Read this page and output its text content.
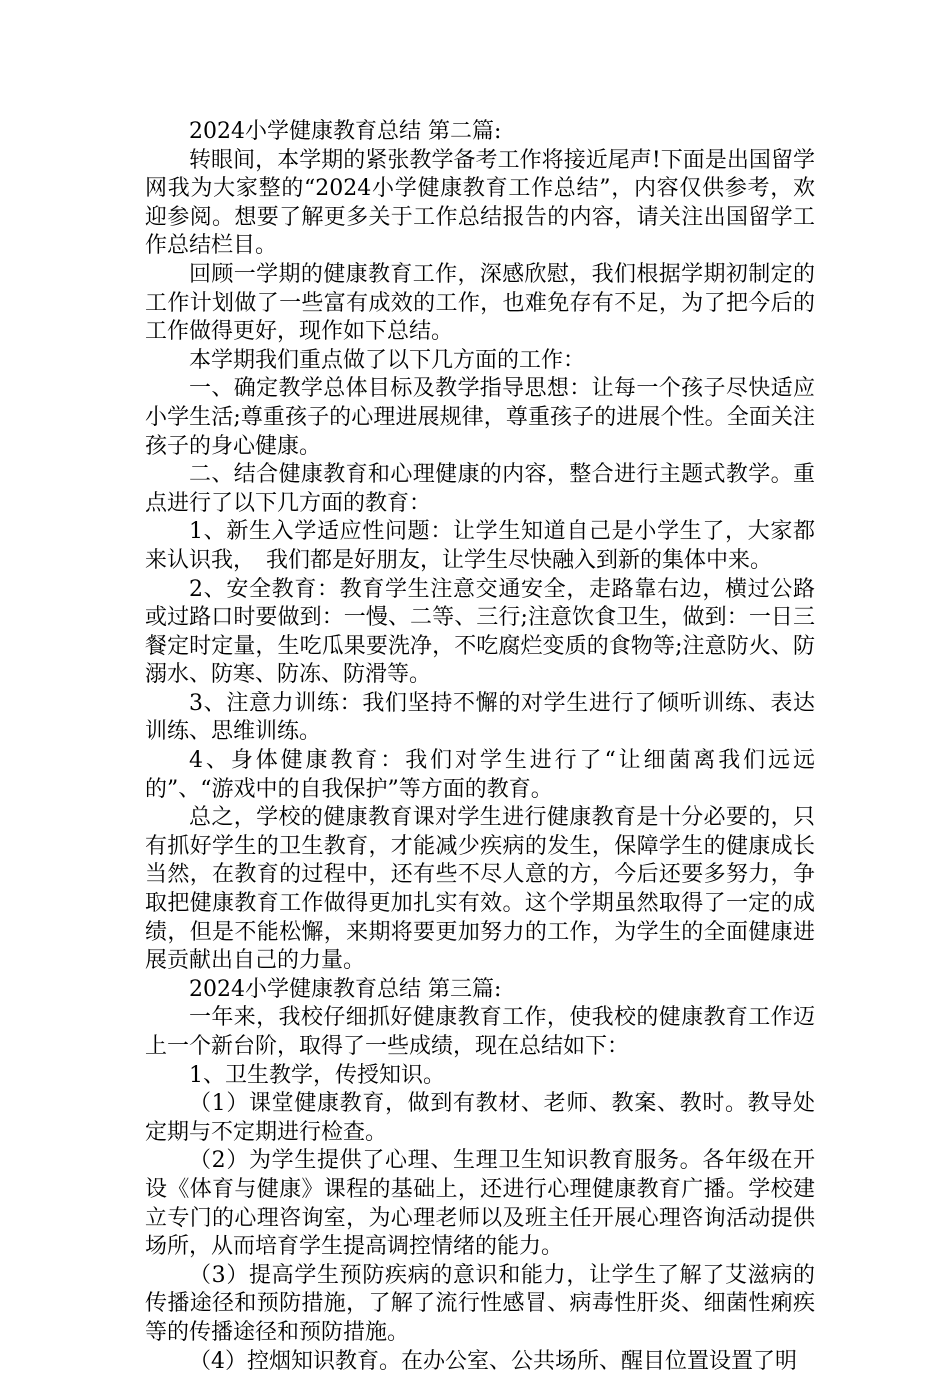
2024小学健康教育总结 第二篇:

转眼间，本学期的紧张教学备考工作将接近尾声!下面是出国留学网我为大家整的“2024小学健康教育工作总结”，内容仅供参考，欢迎参阅。想要了解更多关于工作总结报告的内容，请关注出国留学工作总结栏目。

回顾一学期的健康教育工作，深感欣慰，我们根据学期初制定的工作计划做了一些富有成效的工作，也难免存有不足，为了把今后的工作做得更好，现作如下总结。

本学期我们重点做了以下几方面的工作：

一、确定教学总体目标及教学指导思想：让每一个孩子尽快适应小学生活;尊重孩子的心理进展规律，尊重孩子的进展个性。全面关注孩子的身心健康。

二、结合健康教育和心理健康的内容，整合进行主题式教学。重点进行了以下几方面的教育：

1、新生入学适应性问题：让学生知道自己是小学生了，大家都来认识我，　我们都是好朋友，让学生尽快融入到新的集体中来。

2、安全教育：教育学生注意交通安全，走路靠右边，横过公路或过路口时要做到：一慢、二等、三行;注意饮食卫生，做到：一日三餐定时定量，生吃瓜果要洗净，不吃腐烂变质的食物等;注意防火、防溺水、防寒、防冻、防滑等。

3、注意力训练：我们坚持不懈的对学生进行了倾听训练、表达训练、思维训练。

4、身体健康教育：我们对学生进行了“让细菌离我们远远的”、“游戏中的自我保护”等方面的教育。

总之，学校的健康教育课对学生进行健康教育是十分必要的，只有抓好学生的卫生教育，才能减少疾病的发生，保障学生的健康成长当然，在教育的过程中，还有些不尽人意的方，今后还要多努力，争取把健康教育工作做得更加扎实有效。这个学期虽然取得了一定的成绩，但是不能松懈，来期将要更加努力的工作，为学生的全面健康进展贡献出自己的力量。

2024小学健康教育总结 第三篇:

一年来，我校仔细抓好健康教育工作，使我校的健康教育工作迈上一个新台阶，取得了一些成绩，现在总结如下：

1、卫生教学，传授知识。

（1）课堂健康教育，做到有教材、老师、教案、教时。教导处定期与不定期进行检查。

（2）为学生提供了心理、生理卫生知识教育服务。各年级在开设《体育与健康》课程的基础上，还进行心理健康教育广播。学校建立专门的心理咨询室，为心理老师以及班主任开展心理咨询活动提供场所，从而培育学生提高调控情绪的能力。

（3）提高学生预防疾病的意识和能力，让学生了解了艾滋病的传播途径和预防措施，了解了流行性感冒、病毒性肝炎、细菌性痢疾等的传播途径和预防措施。

（4）控烟知识教育。在办公室、公共场所、醒目位置设置了明
